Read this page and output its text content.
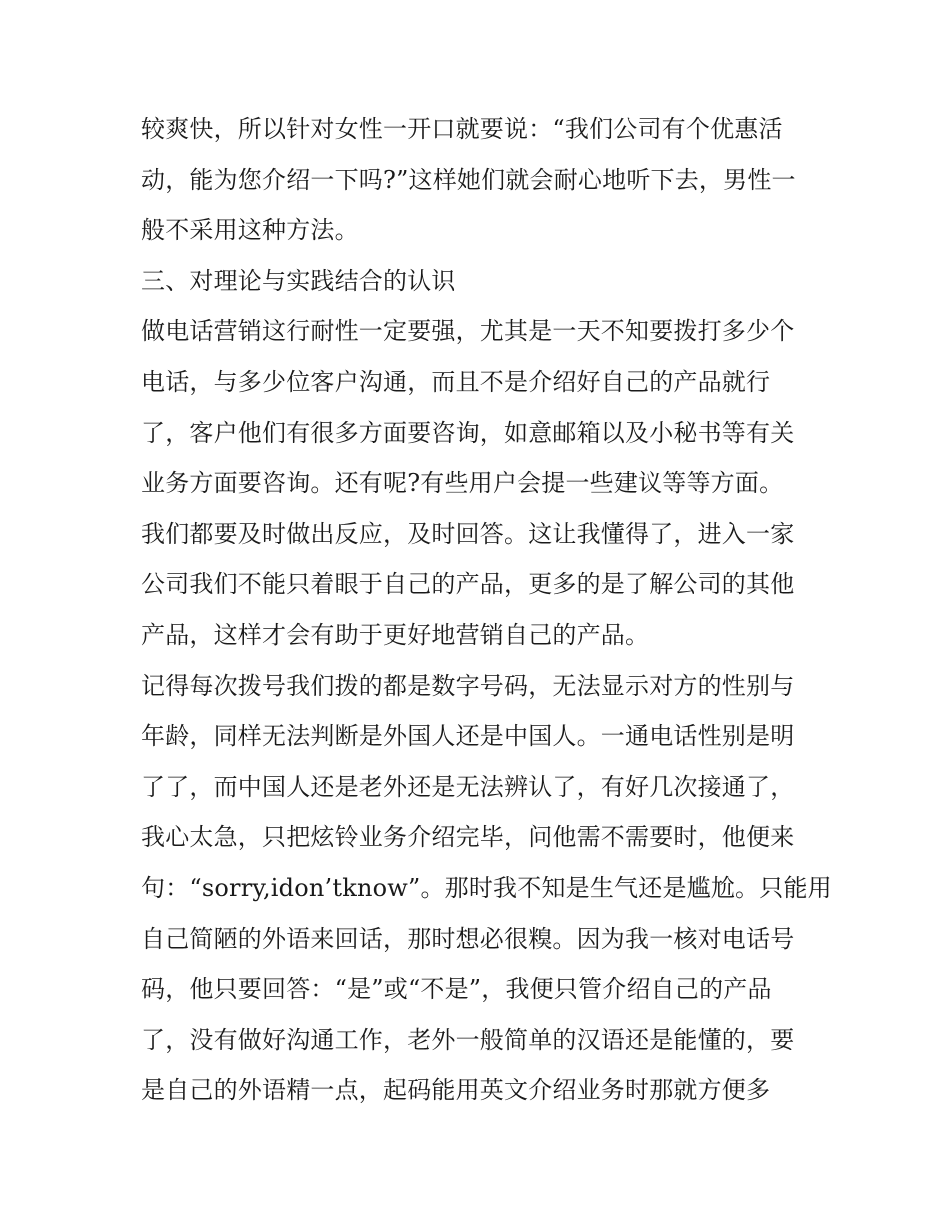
较爽快，所以针对女性一开口就要说：“我们公司有个优惠活
动，能为您介绍一下吗?”这样她们就会耐心地听下去，男性一
般不采用这种方法。
三、对理论与实践结合的认识
做电话营销这行耐性一定要强，尤其是一天不知要拨打多少个
电话，与多少位客户沟通，而且不是介绍好自己的产品就行
了，客户他们有很多方面要咨询，如意邮箱以及小秘书等有关
业务方面要咨询。还有呢?有些用户会提一些建议等等方面。
我们都要及时做出反应，及时回答。这让我懂得了，进入一家
公司我们不能只着眼于自己的产品，更多的是了解公司的其他
产品，这样才会有助于更好地营销自己的产品。
记得每次拨号我们拨的都是数字号码，无法显示对方的性别与
年龄，同样无法判断是外国人还是中国人。一通电话性别是明
了了，而中国人还是老外还是无法辨认了，有好几次接通了，
我心太急，只把炫铃业务介绍完毕，问他需不需要时，他便来
句：“sorry,idon’tknow”。那时我不知是生气还是尴尬。只能用
自己简陋的外语来回话，那时想必很糗。因为我一核对电话号
码，他只要回答：“是”或“不是”，我便只管介绍自己的产品
了，没有做好沟通工作，老外一般简单的汉语还是能懂的，要
是自己的外语精一点，起码能用英文介绍业务时那就方便多
